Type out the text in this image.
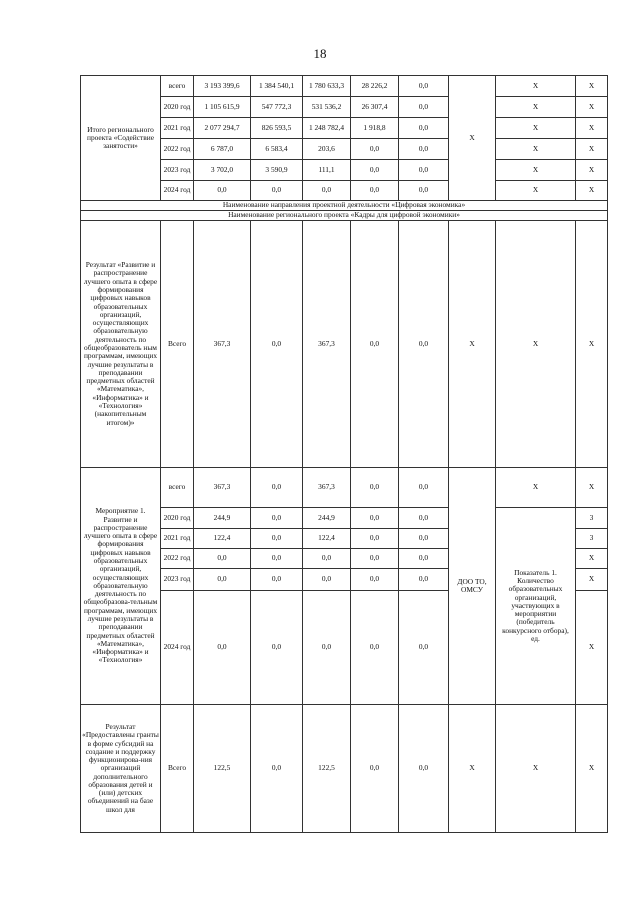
18
Итого регионального проекта «Содействие занятости»	всего	3 193 399,6	1 384 540,1	1 780 633,3	28 226,2	0,0	Х	Х	Х
	2020 год	1 105 615,9	547 772,3	531 536,2	26 307,4	0,0		Х	Х
	2021 год	2 077 294,7	826 593,5	1 248 782,4	1 918,8	0,0		Х	Х
	2022 год	6 787,0	6 583,4	203,6	0,0	0,0		Х	Х
	2023 год	3 702,0	3 590,9	111,1	0,0	0,0		Х	Х
	2024 год	0,0	0,0	0,0	0,0	0,0		Х	Х
Наименование направления проектной деятельности «Цифровая экономика»									
Наименование регионального проекта «Кадры для цифровой экономики»									
Результат «Развитие и распространение лучшего опыта в сфере формирования цифровых навыков образовательных организаций, осуществляющих образовательную деятельность по общеобразователь ным программам, имеющих лучшие результаты в преподавании предметных областей «Математика», «Информатика» и «Технология» (накопительным итогом)»	Всего	367,3	0,0	367,3	0,0	0,0	Х	Х	Х
Мероприятие 1. Развитие и распространение лучшего опыта в сфере формирования цифровых навыков образовательных организаций, осуществляющих образовательную деятельность по общеобразова-тельным программам, имеющих лучшие результаты в преподавании предметных областей «Математика», «Информатика» и «Технология»	всего	367,3	0,0	367,3	0,0	0,0	ДОО ТО, ОМСУ	Х	Х
	2020 год	244,9	0,0	244,9	0,0	0,0		Показатель 1. Количество образовательных организаций, участвующих в мероприятии (победитель конкурсного отбора), ед.	3
	2021 год	122,4	0,0	122,4	0,0	0,0			3
	2022 год	0,0	0,0	0,0	0,0	0,0			Х
	2023 год	0,0	0,0	0,0	0,0	0,0			Х
	2024 год	0,0	0,0	0,0	0,0	0,0			Х
Результат «Предоставлены гранты в форме субсидий на создание и поддержку функционирова-ния организаций дополнительного образования детей и (или) детских объединений на базе школ для	Всего	122,5	0,0	122,5	0,0	0,0	Х	Х	Х
